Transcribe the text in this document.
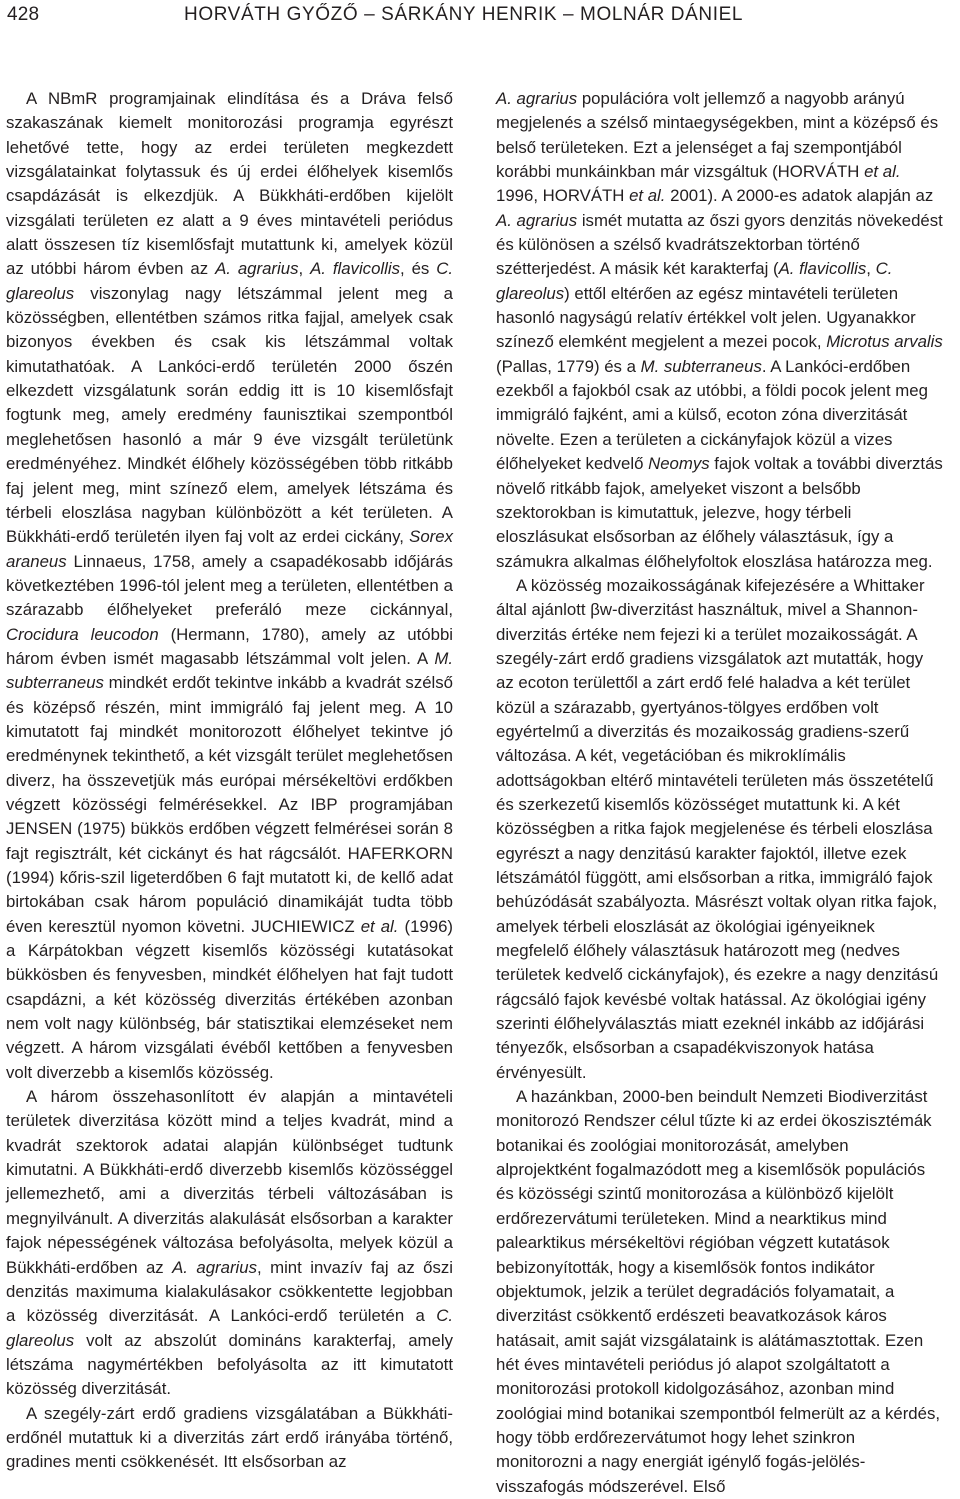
428	HORVÁTH GYŐZŐ – SÁRKÁNY HENRIK – MOLNÁR DÁNIEL

A NBmR programjainak elindítása és a Dráva felső szakaszának kiemelt monitorozási programja egyrészt lehetővé tette, hogy az erdei területen megkezdett vizsgálatainkat folytassuk és új erdei élőhelyek kisemlős csapdázását is elkezdjük. A Bükkháti-erdőben kijelölt vizsgálati területen ez alatt a 9 éves mintavételi periódus alatt összesen tíz kisemlősfajt mutattunk ki, amelyek közül az utóbbi három évben az A. agrarius, A. flavicollis, és C. glareolus viszonylag nagy létszámmal jelent meg a közösségben, ellentétben számos ritka fajjal, amelyek csak bizonyos években és csak kis létszámmal voltak kimutathatóak. A Lankóci-erdő területén 2000 őszén elkezdett vizsgálatunk során eddig itt is 10 kisemlősfajt fogtunk meg, amely eredmény faunisztikai szempontból meglehetősen hasonló a már 9 éve vizsgált területünk eredményéhez. Mindkét élőhely közösségében több ritkább faj jelent meg, mint színező elem, amelyek létszáma és térbeli eloszlása nagyban különbözött a két területen. A Bükkháti-erdő területén ilyen faj volt az erdei cickány, Sorex araneus Linnaeus, 1758, amely a csapadékosabb időjárás következtében 1996-tól jelent meg a területen, ellentétben a szárazabb élőhelyeket preferáló meze cickánnyal, Crocidura leucodon (Hermann, 1780), amely az utóbbi három évben ismét magasabb létszámmal volt jelen. A M. subterraneus mindkét erdőt tekintve inkább a kvadrát szélső és középső részén, mint immigráló faj jelent meg. A 10 kimutatott faj mindkét monitorozott élőhelyet tekintve jó eredménynek tekinthető, a két vizsgált terület meglehetősen diverz, ha összevetjük más európai mérsékeltövi erdőkben végzett közösségi felmérésekkel. Az IBP programjában JENSEN (1975) bükkös erdőben végzett felmérései során 8 fajt regisztrált, két cickányt és hat rágcsálót. HAFERKORN (1994) kőris-szil ligeterdőben 6 fajt mutatott ki, de kellő adat birtokában csak három populáció dinamikáját tudta több éven keresztül nyomon követni. JUCHIEWICZ et al. (1996) a Kárpátokban végzett kisemlős közösségi kutatásokat bükkösben és fenyvesben, mindkét élőhelyen hat fajt tudott csapdázni, a két közösség diverzitás értékében azonban nem volt nagy különbség, bár statisztikai elemzéseket nem végzett. A három vizsgálati évéből kettőben a fenyvesben volt diverzebb a kisemlős közösség.

A három összehasonlított év alapján a mintavételi területek diverzitása között mind a teljes kvadrát, mind a kvadrát szektorok adatai alapján különbséget tudtunk kimutatni. A Bükkháti-erdő diverzebb kisemlős közösséggel jellemezhető, ami a diverzitás térbeli változásában is megnyilvánult. A diverzitás alakulását elsősorban a karakter fajok népességének változása befolyásolta, melyek közül a Bükkháti-erdőben az A. agrarius, mint invazív faj az őszi denzitás maximuma kialakulásakor csökkentette legjobban a közösség diverzitását. A Lankóci-erdő területén a C. glareolus volt az abszolút domináns karakterfaj, amely létszáma nagymértékben befolyásolta az itt kimutatott közösség diverzitását.

A szegély-zárt erdő gradiens vizsgálatában a Bükkháti-erdőnél mutattuk ki a diverzitás zárt erdő irányába történő, gradines menti csökkenését. Itt elsősorban az

A. agrarius populációra volt jellemző a nagyobb arányú megjelenés a szélső mintaegységekben, mint a középső és belső területeken. Ezt a jelenséget a faj szempontjából korábbi munkáinkban már vizsgáltuk (HORVÁTH et al. 1996, HORVÁTH et al. 2001). A 2000-es adatok alapján az A. agrarius ismét mutatta az őszi gyors denzitás növekedést és különösen a szélső kvadrátszektorban történő szétterjedést. A másik két karakterfaj (A. flavicollis, C. glareolus) ettől eltérően az egész mintavételi területen hasonló nagyságú relatív értékkel volt jelen. Ugyanakkor színező elemként megjelent a mezei pocok, Microtus arvalis (Pallas, 1779) és a M. subterraneus. A Lankóci-erdőben ezekből a fajokból csak az utóbbi, a földi pocok jelent meg immigráló fajként, ami a külső, ecoton zóna diverzitását növelte. Ezen a területen a cickányfajok közül a vizes élőhelyeket kedvelő Neomys fajok voltak a további diverztás növelő ritkább fajok, amelyeket viszont a belsőbb szektorokban is kimutattuk, jelezve, hogy térbeli eloszlásukat elsősorban az élőhely választásuk, így a számukra alkalmas élőhelyfoltok eloszlása határozza meg.

A közösség mozaikosságának kifejezésére a Whittaker által ajánlott βw-diverzitást használtuk, mivel a Shannon-diverzitás értéke nem fejezi ki a terület mozaikosságát. A szegély-zárt erdő gradiens vizsgálatok azt mutatták, hogy az ecoton területtől a zárt erdő felé haladva a két terület közül a szárazabb, gyertyános-tölgyes erdőben volt egyértelmű a diverzitás és mozaikosság gradiens-szerű változása. A két, vegetációban és mikroklímális adottságokban eltérő mintavételi területen más összetételű és szerkezetű kisemlős közösséget mutattunk ki. A két közösségben a ritka fajok megjelenése és térbeli eloszlása egyrészt a nagy denzitású karakter fajoktól, illetve ezek létszámától függött, ami elsősorban a ritka, immigráló fajok behúzódását szabályozta. Másrészt voltak olyan ritka fajok, amelyek térbeli eloszlását az ökológiai igényeiknek megfelelő élőhely választásuk határozott meg (nedves területek kedvelő cickányfajok), és ezekre a nagy denzitású rágcsáló fajok kevésbé voltak hatással. Az ökológiai igény szerinti élőhelyválasztás miatt ezeknél inkább az időjárási tényezők, elsősorban a csapadékviszonyok hatása érvényesült.

A hazánkban, 2000-ben beindult Nemzeti Biodiverzitást monitorozó Rendszer célul tűzte ki az erdei ökoszisztémák botanikai és zoológiai monitorozását, amelyben alprojektként fogalmazódott meg a kisemlősök populációs és közösségi szintű monitorozása a különböző kijelölt erdőrezervátumi területeken. Mind a nearktikus mind palearktikus mérsékeltövi régióban végzett kutatások bebizonyították, hogy a kisemlősök fontos indikátor objektumok, jelzik a terület degradációs folyamatait, a diverzitást csökkentő erdészeti beavatkozások káros hatásait, amit saját vizsgálataink is alátámasztottak. Ezen hét éves mintavételi periódus jó alapot szolgáltatott a monitorozási protokoll kidolgozásához, azonban mind zoológiai mind botanikai szempontból felmerült az a kérdés, hogy több erdőrezervátumot hogy lehet szinkron monitorozni a nagy energiát igénylő fogás-jelölés-visszafogás módszerével. Első
